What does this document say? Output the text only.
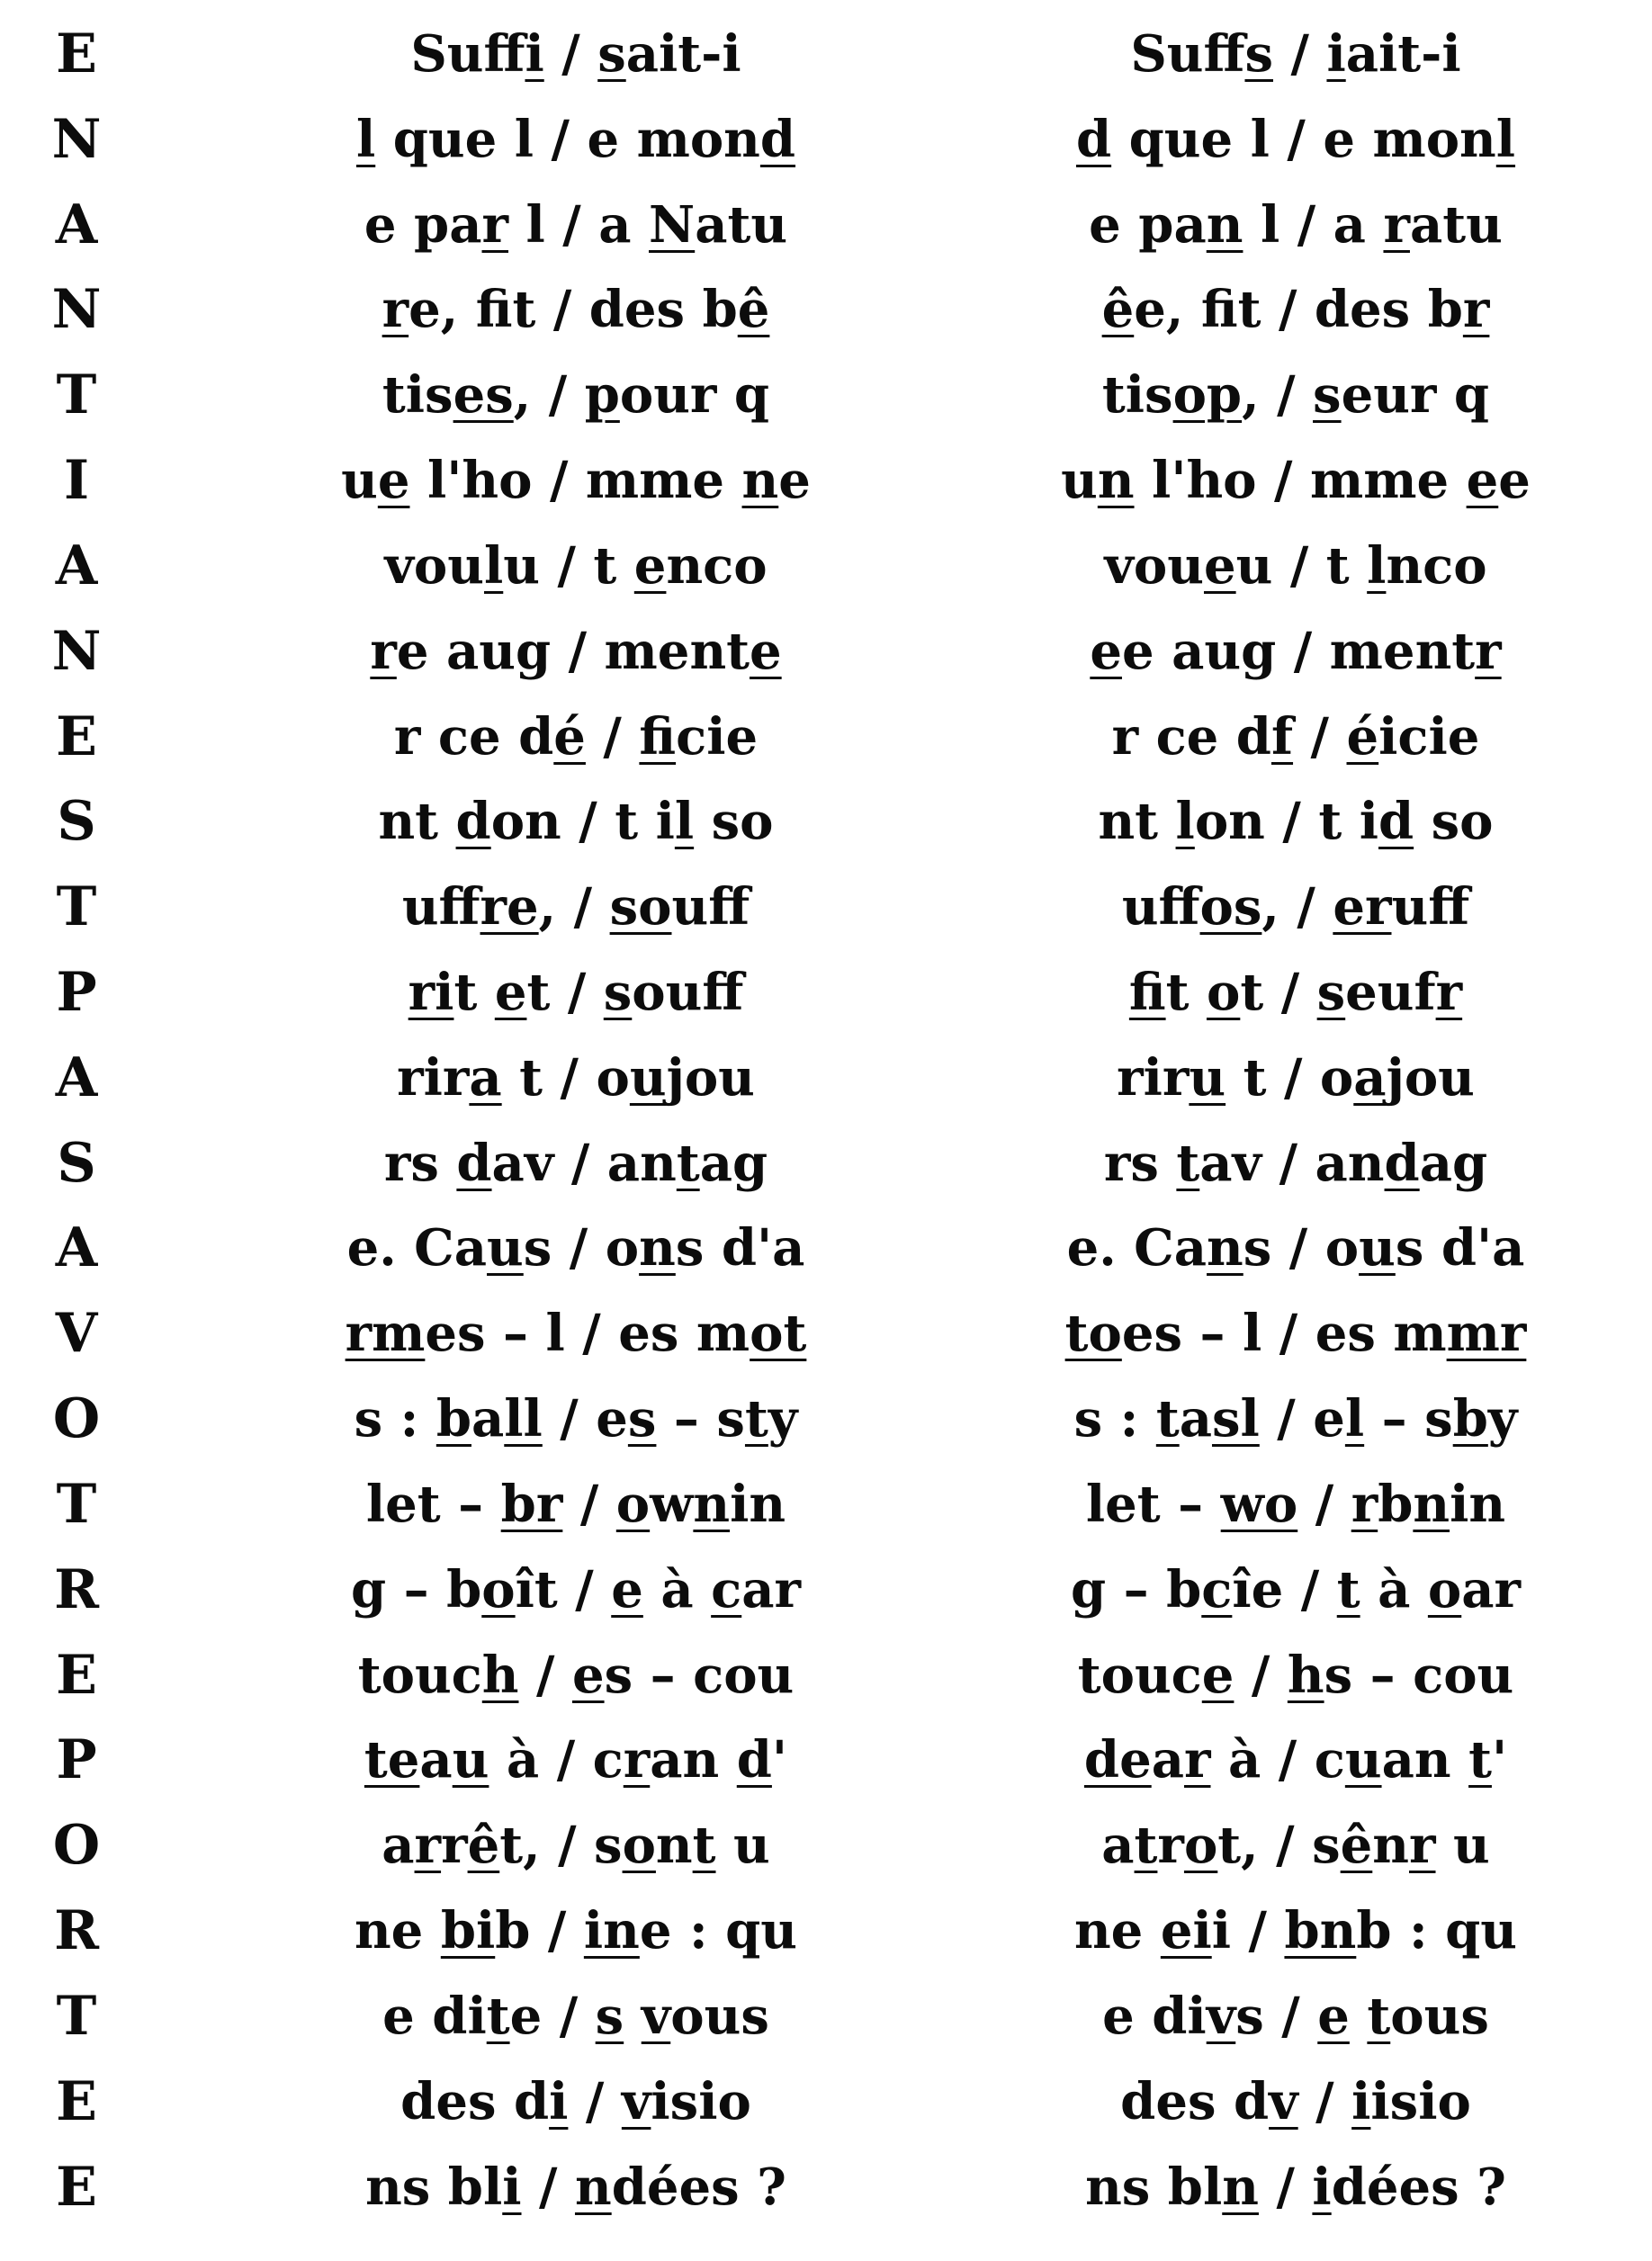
E	Suffi / sait-i	Suffs / iait-i
N	l que l / e mond	d que l / e monl
A	e par l / a Natu	e pan l / a ratu
N	re, fit / des bê	êe, fit / des br
T	tises, / pour q	tisop, / seur q
I	ue l'ho / mme ne	un l'ho / mme ee
A	voulu / t enco	voueu / t lnco
N	re aug / mente	ee aug / mentr
E	r ce dé / ficie	r ce df / éicie
S	nt don / t il so	nt lon / t id so
T	uffre, / souff	uffos, / eruff
P	rit et / souf	fit ot / seufr
A	rira t / oujou	riru t / oajou
S	rs dav / antag	rs tav / andag
A	e. Caus / ons d'a	e. Cans / ous d'a
V	rmes – l / es mot	toes – l / es mmr
O	s : ball / es – sty	s : tasl / el – sby
T	let – br / ownin	let – wo / rbnin
R	g – boît / e à car	g – bcîe / t à oar
E	touch / es – cou	touce / hs – cou
P	teau à / cran d'	dear à / cuan t'
O	arrêt, / sont u	atrot, / sênr u
R	ne bib / ine : qu	ne eii / bnb : qu
T	e dite / s vous	e divs / e tous
E	des di / visio	des dv / iisio
E	ns bli / ndées ?	ns bln / idées ?
